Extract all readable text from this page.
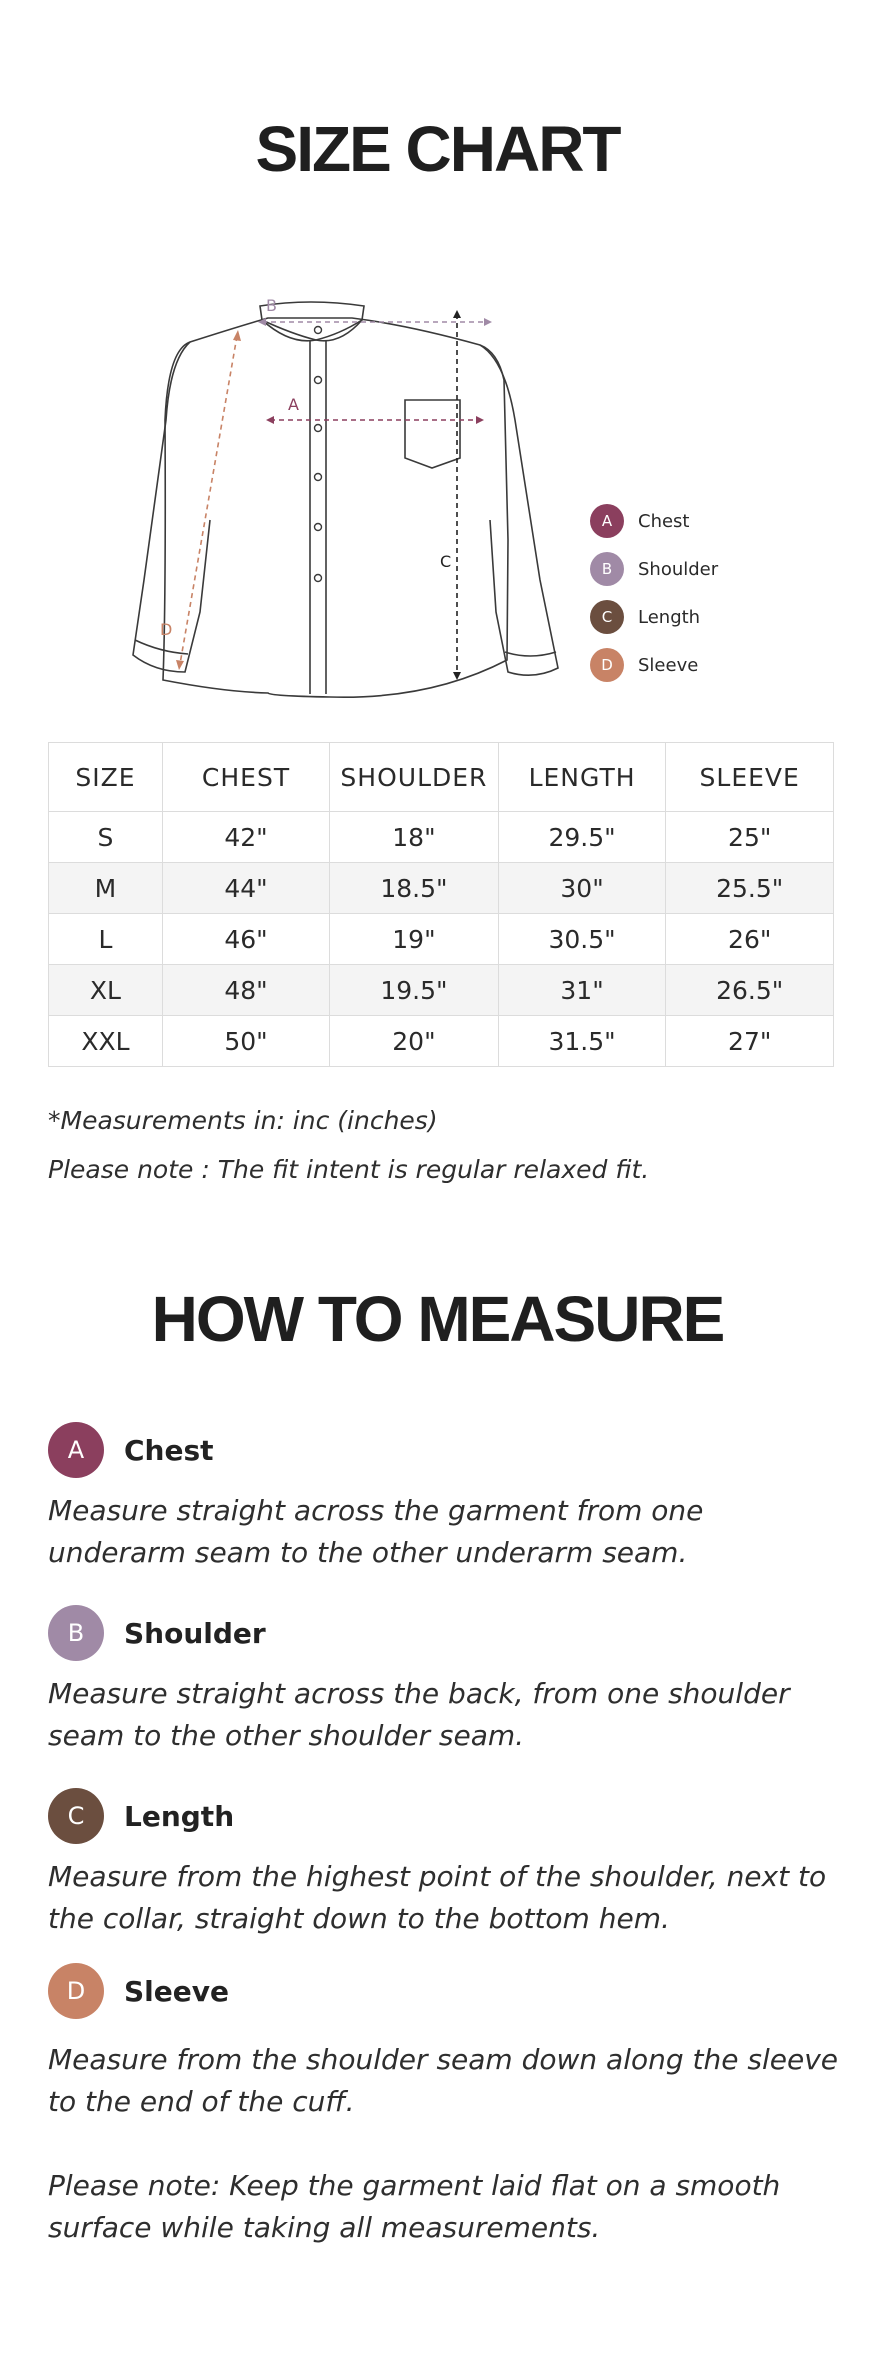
SIZE CHART
B
A
C
D
A	Chest
B	Shoulder
C	Length
D	Sleeve
SIZE	CHEST	SHOULDER	LENGTH	SLEEVE
S	42"	18"	29.5"	25"
M	44"	18.5"	30"	25.5"
L	46"	19"	30.5"	26"
XL	48"	19.5"	31"	26.5"
XXL	50"	20"	31.5"	27"

*Measurements in: inc (inches)

Please note : The fit intent is regular relaxed fit.

HOW TO MEASURE
A	Chest

Measure straight across the garment from one underarm seam to the other underarm seam.

B	Shoulder

Measure straight across the back, from one shoulder seam to the other shoulder seam.

C	Length

Measure from the highest point of the shoulder, next to the collar, straight down to the bottom hem.

D	Sleeve

Measure from the shoulder seam down along the sleeve to the end of the cuff.

Please note: Keep the garment laid flat on a smooth surface while taking all measurements.
